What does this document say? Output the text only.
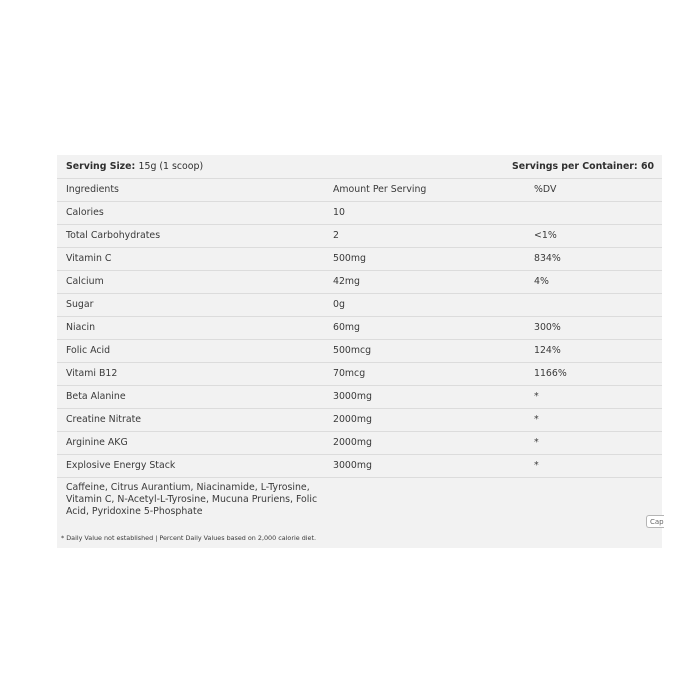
Serving Size: 15g (1 scoop)	Servings per Container: 60
Ingredients	Amount Per Serving	%DV
Calories	10
Total Carbohydrates	2	<1%
Vitamin C	500mg	834%
Calcium	42mg	4%
Sugar	0g
Niacin	60mg	300%
Folic Acid	500mcg	124%
Vitami B12	70mcg	1166%
Beta Alanine	3000mg	*
Creatine Nitrate	2000mg	*
Arginine AKG	2000mg	*
Explosive Energy Stack	3000mg	*
Caffeine, Citrus Aurantium, Niacinamide, L-Tyrosine, Vitamin C, N-Acetyl-L-Tyrosine, Mucuna Pruriens, Folic Acid, Pyridoxine 5-Phosphate
* Daily Value not established | Percent Daily Values based on 2,000 calorie diet.
Cap
